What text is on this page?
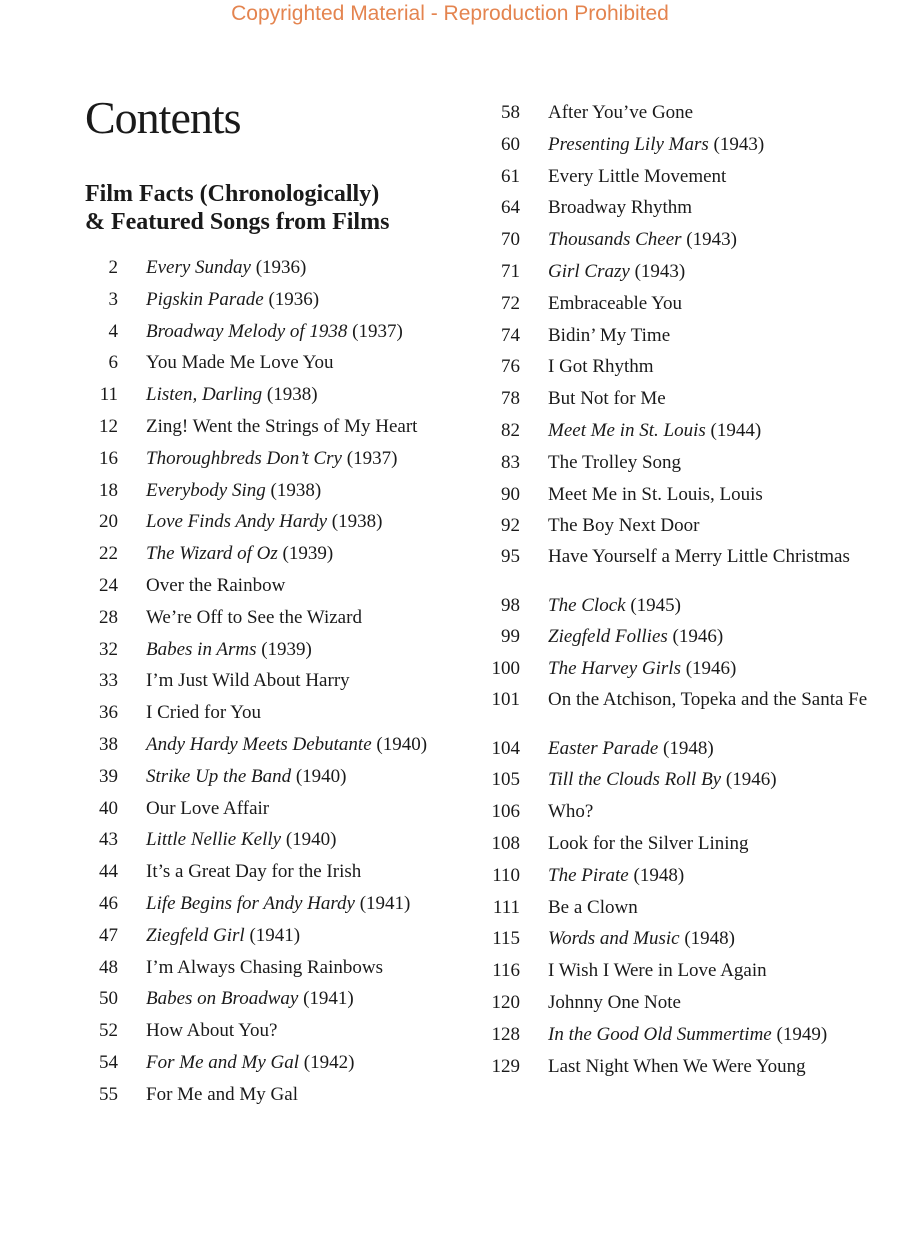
Copyrighted Material - Reproduction Prohibited
Contents
Film Facts (Chronologically)
& Featured Songs from Films
2 Every Sunday (1936)
3 Pigskin Parade (1936)
4 Broadway Melody of 1938 (1937)
6 You Made Me Love You
11 Listen, Darling (1938)
12 Zing! Went the Strings of My Heart
16 Thoroughbreds Don’t Cry (1937)
18 Everybody Sing (1938)
20 Love Finds Andy Hardy (1938)
22 The Wizard of Oz (1939)
24 Over the Rainbow
28 We’re Off to See the Wizard
32 Babes in Arms (1939)
33 I’m Just Wild About Harry
36 I Cried for You
38 Andy Hardy Meets Debutante (1940)
39 Strike Up the Band (1940)
40 Our Love Affair
43 Little Nellie Kelly (1940)
44 It’s a Great Day for the Irish
46 Life Begins for Andy Hardy (1941)
47 Ziegfeld Girl (1941)
48 I’m Always Chasing Rainbows
50 Babes on Broadway (1941)
52 How About You?
54 For Me and My Gal (1942)
55 For Me and My Gal
58 After You’ve Gone
60 Presenting Lily Mars (1943)
61 Every Little Movement
64 Broadway Rhythm
70 Thousands Cheer (1943)
71 Girl Crazy (1943)
72 Embraceable You
74 Bidin’ My Time
76 I Got Rhythm
78 But Not for Me
82 Meet Me in St. Louis (1944)
83 The Trolley Song
90 Meet Me in St. Louis, Louis
92 The Boy Next Door
95 Have Yourself a Merry Little Christmas
98 The Clock (1945)
99 Ziegfeld Follies (1946)
100 The Harvey Girls (1946)
101 On the Atchison, Topeka and the Santa Fe
104 Easter Parade (1948)
105 Till the Clouds Roll By (1946)
106 Who?
108 Look for the Silver Lining
110 The Pirate (1948)
111 Be a Clown
115 Words and Music (1948)
116 I Wish I Were in Love Again
120 Johnny One Note
128 In the Good Old Summertime (1949)
129 Last Night When We Were Young
